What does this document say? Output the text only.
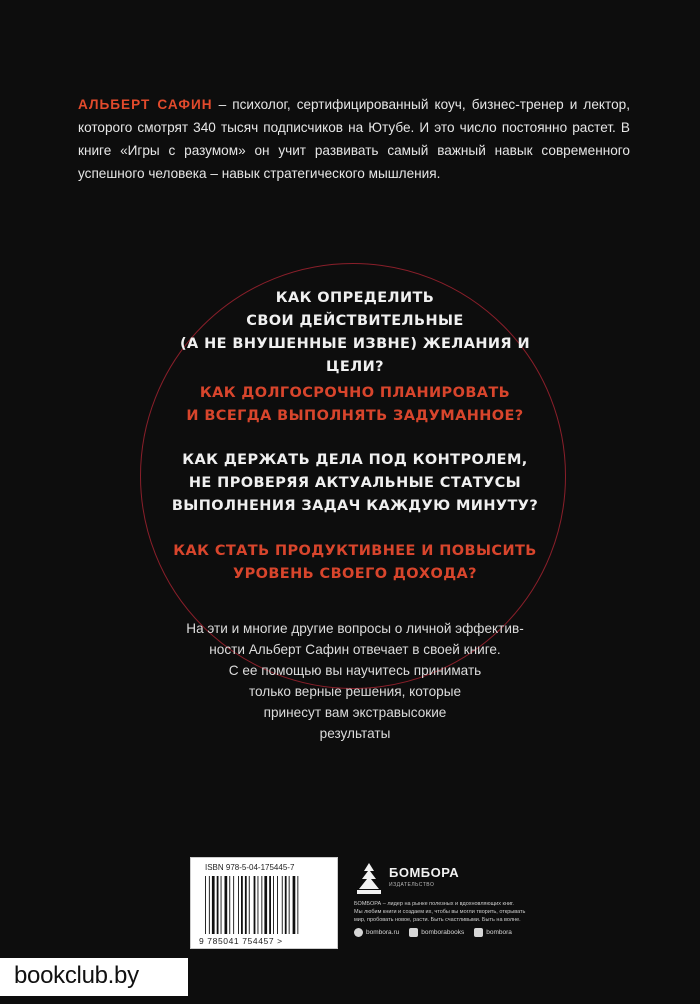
АЛЬБЕРТ САФИН – психолог, сертифицированный коуч, бизнес-тренер и лектор, которого смотрят 340 тысяч подписчиков на Ютубе. И это число постоянно растет. В книге «Игры с разумом» он учит развивать самый важный навык современного успешного человека – навык стратегического мышления.

КАК ОПРЕДЕЛИТЬ
СВОИ ДЕЙСТВИТЕЛЬНЫЕ
(А НЕ ВНУШЕННЫЕ ИЗВНЕ) ЖЕЛАНИЯ И ЦЕЛИ?
КАК ДОЛГОСРОЧНО ПЛАНИРОВАТЬ
И ВСЕГДА ВЫПОЛНЯТЬ ЗАДУМАННОЕ?
КАК ДЕРЖАТЬ ДЕЛА ПОД КОНТРОЛЕМ,
НЕ ПРОВЕРЯЯ АКТУАЛЬНЫЕ СТАТУСЫ
ВЫПОЛНЕНИЯ ЗАДАЧ КАЖДУЮ МИНУТУ?
КАК СТАТЬ ПРОДУКТИВНЕЕ И ПОВЫСИТЬ
УРОВЕНЬ СВОЕГО ДОХОДА?
На эти и многие другие вопросы о личной эффектив-
ности Альберт Сафин отвечает в своей книге.
С ее помощью вы научитесь принимать
только верные решения, которые
принесут вам экстравысокие
результаты
ISBN 978-5-04-175445-7
9 785041 754457 >
БОМБОРА
ИЗДАТЕЛЬСТВО
БОМБОРА – лидер на рынке полезных и вдохновляющих книг.
Мы любим книги и создаем их, чтобы вы могли творить, открывать
мир, пробовать новое, расти. Быть счастливыми. Быть на волне.
bombora.ru	bomborabooks	bombora
bookclub.by
